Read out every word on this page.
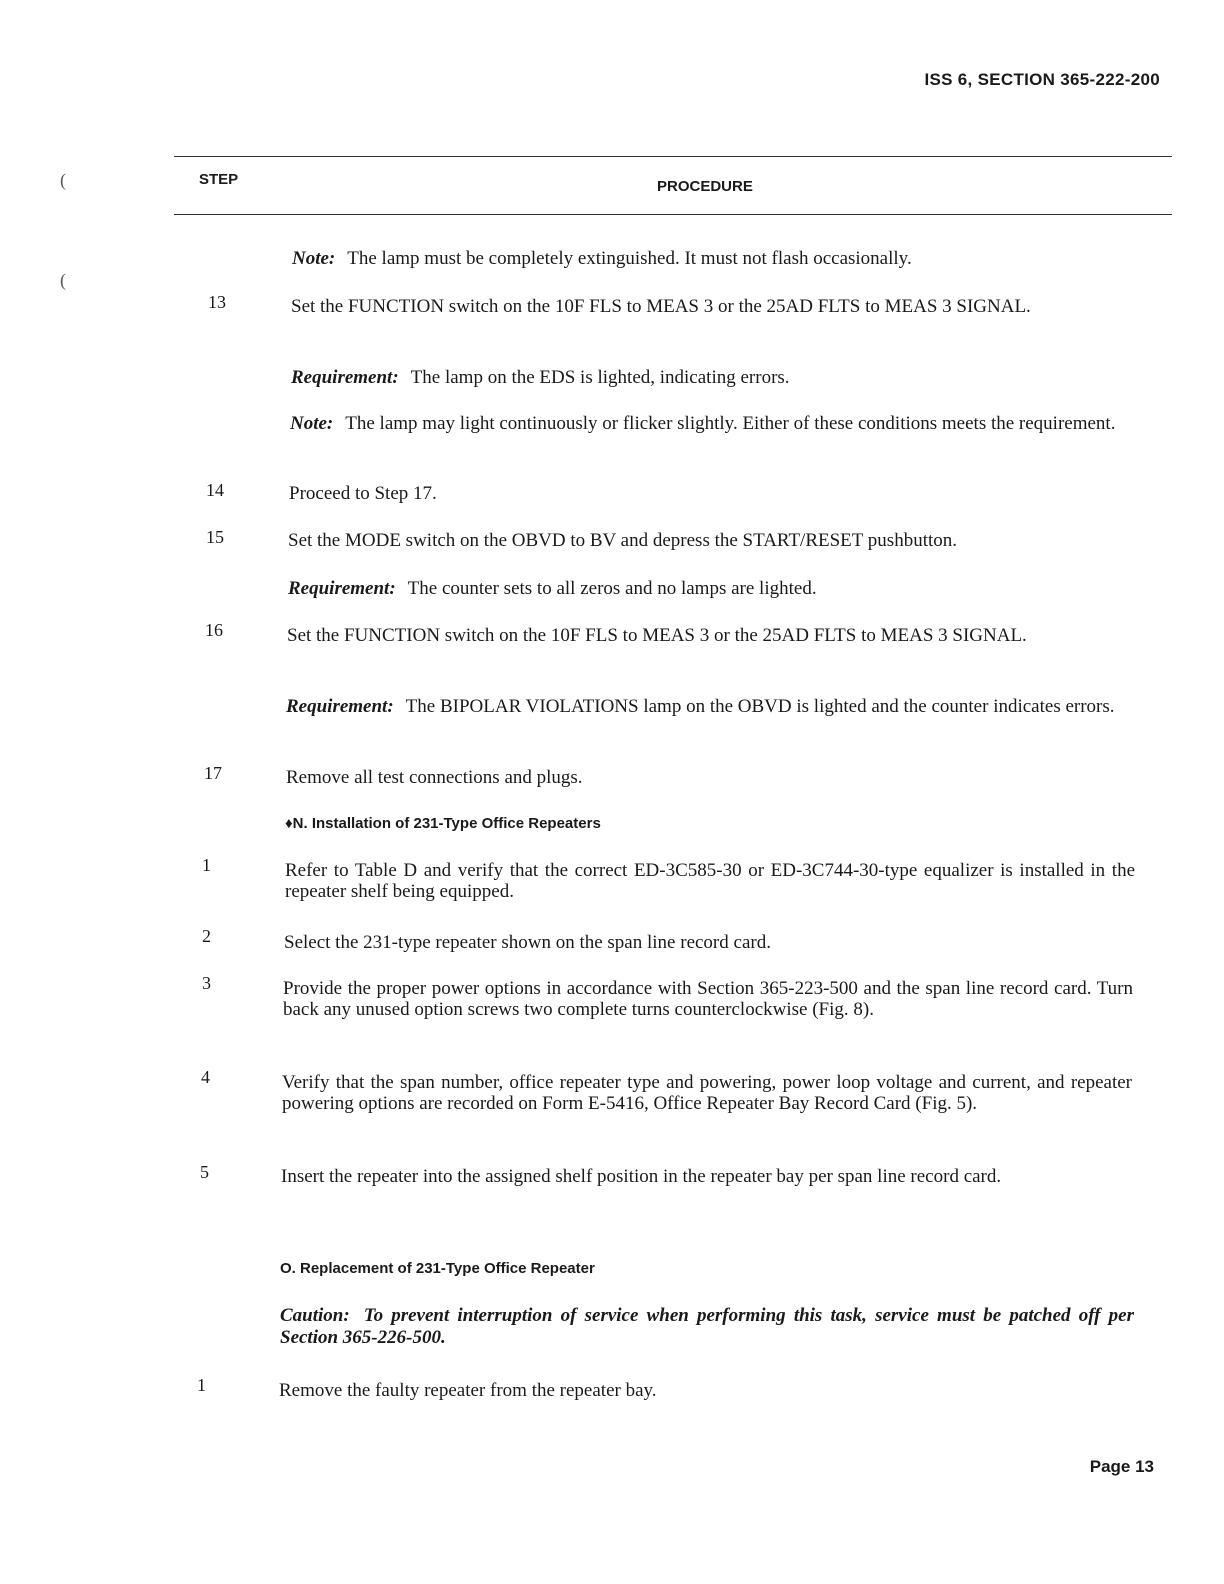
ISS 6, SECTION 365-222-200
(
(
STEP	PROCEDURE
Note: The lamp must be completely extinguished. It must not flash occasionally.
13	Set the FUNCTION switch on the 10F FLS to MEAS 3 or the 25AD FLTS to MEAS 3 SIGNAL.
Requirement: The lamp on the EDS is lighted, indicating errors.
Note: The lamp may light continuously or flicker slightly. Either of these conditions meets the requirement.
14	Proceed to Step 17.
15	Set the MODE switch on the OBVD to BV and depress the START/RESET pushbutton.
Requirement: The counter sets to all zeros and no lamps are lighted.
16	Set the FUNCTION switch on the 10F FLS to MEAS 3 or the 25AD FLTS to MEAS 3 SIGNAL.
Requirement: The BIPOLAR VIOLATIONS lamp on the OBVD is lighted and the counter indicates errors.
17	Remove all test connections and plugs.
♦N. Installation of 231-Type Office Repeaters
1	Refer to Table D and verify that the correct ED-3C585-30 or ED-3C744-30-type equalizer is installed in the repeater shelf being equipped.
2	Select the 231-type repeater shown on the span line record card.
3	Provide the proper power options in accordance with Section 365-223-500 and the span line record card. Turn back any unused option screws two complete turns counterclockwise (Fig. 8).
4	Verify that the span number, office repeater type and powering, power loop voltage and current, and repeater powering options are recorded on Form E-5416, Office Repeater Bay Record Card (Fig. 5).
5	Insert the repeater into the assigned shelf position in the repeater bay per span line record card.
O. Replacement of 231-Type Office Repeater
Caution: To prevent interruption of service when performing this task, service must be patched off per Section 365-226-500.
1	Remove the faulty repeater from the repeater bay.
Page 13
